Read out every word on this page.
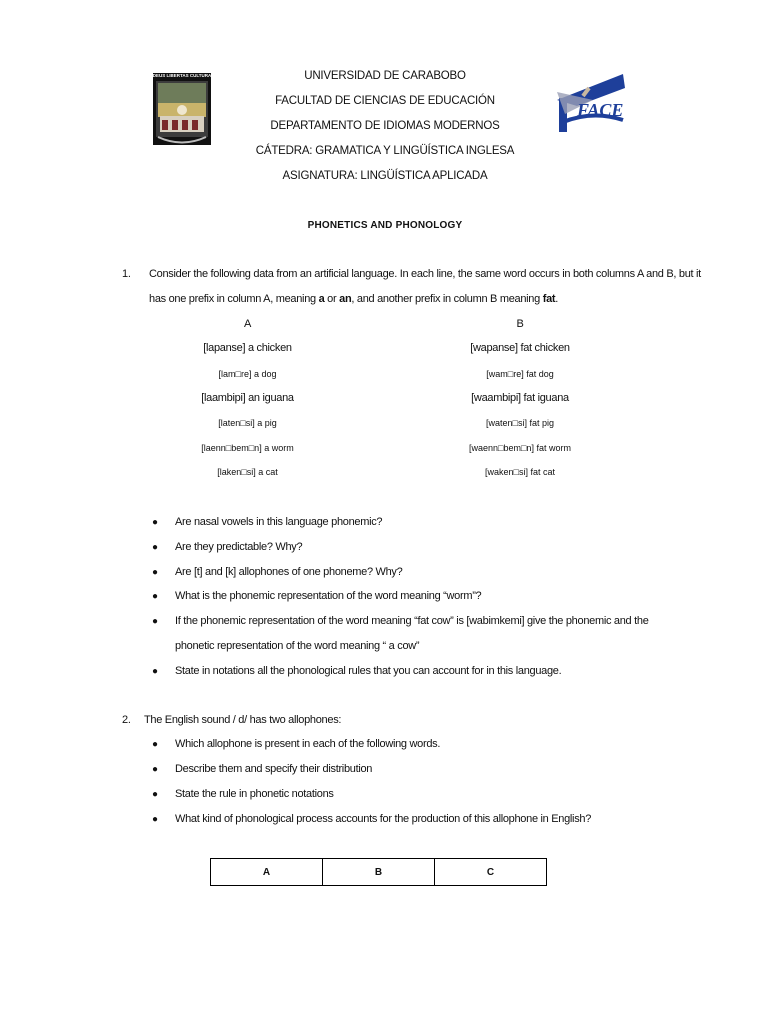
DEUS LIBERTAS CULTURA
FACE
UNIVERSIDAD DE CARABOBO
FACULTAD DE CIENCIAS DE EDUCACIÓN
DEPARTAMENTO DE IDIOMAS MODERNOS
CÁTEDRA: GRAMATICA Y LINGÜÍSTICA INGLESA
ASIGNATURA: LINGÜÍSTICA APLICADA
PHONETICS AND PHONOLOGY
1. Consider the following data from an artificial language. In each line, the same word occurs in both columns A and B, but it
has one prefix in column A, meaning a or an, and another prefix in column B meaning fat.
A	B
[lapanse] a chicken	[wapanse] fat chicken
[lam□re] a dog	[wam□re] fat dog
[laambipi] an iguana	[waambipi] fat iguana
[laten□si] a pig	[waten□si] fat pig
[laenn□bem□n] a worm	[waenn□bem□n] fat worm
[laken□si] a cat	[waken□si] fat cat
● Are nasal vowels in this language phonemic?
● Are they predictable? Why?
● Are [t] and [k] allophones of one phoneme? Why?
● What is the phonemic representation of the word meaning “worm”?
● If the phonemic representation of the word meaning “fat cow” is [wabimkemi] give the phonemic and the
phonetic representation of the word meaning “ a cow”
● State in notations all the phonological rules that you can account for in this language.
2. The English sound / d/ has two allophones:
● Which allophone is present in each of the following words.
● Describe them and specify their distribution
● State the rule in phonetic notations
● What kind of phonological process accounts for the production of this allophone in English?
A	B	C
